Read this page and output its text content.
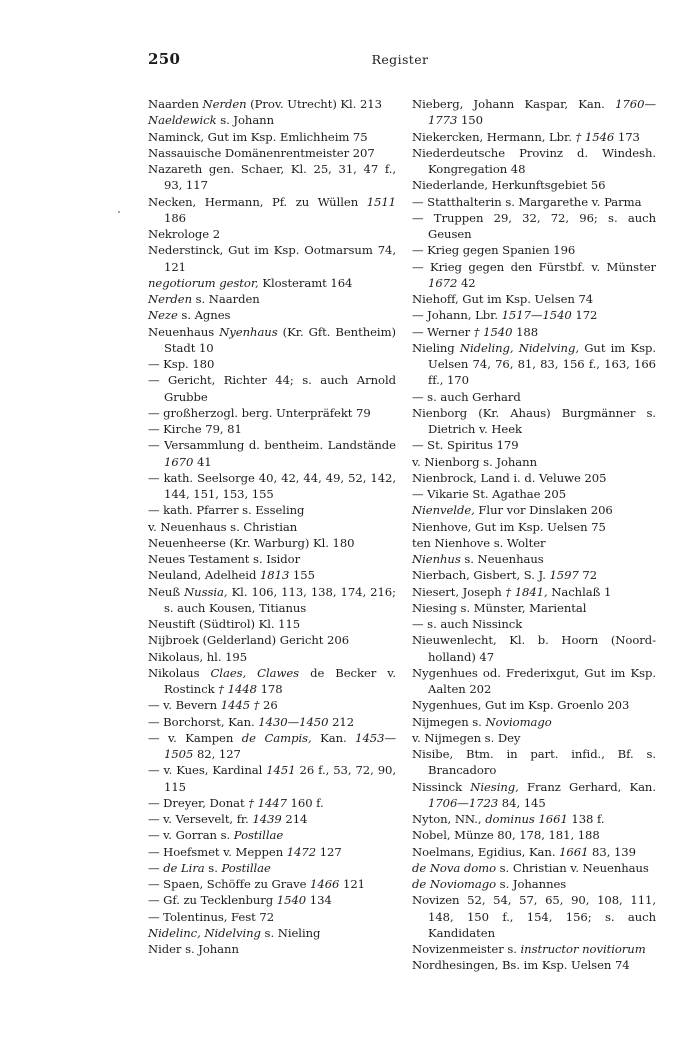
250	Register

Naarden Nerden (Prov. Utrecht) Kl. 213

Naeldewick s. Johann

Naminck, Gut im Ksp. Emlichheim 75

Nassauische Domänenrentmeister 207

Nazareth gen. Schaer, Kl. 25, 31, 47 f., 93, 117

Necken, Hermann, Pf. zu Wüllen 1511 186

Nekrologe 2

Nederstinck, Gut im Ksp. Ootmarsum 74, 121

negotiorum gestor, Klosteramt 164

Nerden s. Naarden

Neze s. Agnes

Neuenhaus Nyenhaus (Kr. Gft. Bentheim) Stadt 10

— Ksp. 180

— Gericht, Richter 44; s. auch Arnold Grubbe

— großherzogl. berg. Unterpräfekt 79

— Kirche 79, 81

— Versammlung d. bentheim. Landstände 1670 41

— kath. Seelsorge 40, 42, 44, 49, 52, 142, 144, 151, 153, 155

— kath. Pfarrer s. Esseling

v. Neuenhaus s. Christian

Neuenheerse (Kr. Warburg) Kl. 180

Neues Testament s. Isidor

Neuland, Adelheid 1813 155

Neuß Nussia, Kl. 106, 113, 138, 174, 216; s. auch Kousen, Titianus

Neustift (Südtirol) Kl. 115

Nijbroek (Gelderland) Gericht 206

Nikolaus, hl. 195

Nikolaus Claes, Clawes de Becker v. Rostinck † 1448 178

— v. Bevern 1445 † 26

— Borchorst, Kan. 1430—1450 212

— v. Kampen de Campis, Kan. 1453—1505 82, 127

— v. Kues, Kardinal 1451 26 f., 53, 72, 90, 115

— Dreyer, Donat † 1447 160 f.

— v. Versevelt, fr. 1439 214

— v. Gorran s. Postillae

— Hoefsmet v. Meppen 1472 127

— de Lira s. Postillae

— Spaen, Schöffe zu Grave 1466 121

— Gf. zu Tecklenburg 1540 134

— Tolentinus, Fest 72

Nidelinc, Nidelving s. Nieling

Nider s. Johann

Nieberg, Johann Kaspar, Kan. 1760—1773 150

Niekercken, Hermann, Lbr. † 1546 173

Niederdeutsche Provinz d. Windesh. Kongregation 48

Niederlande, Herkunftsgebiet 56

— Statthalterin s. Margarethe v. Parma

— Truppen 29, 32, 72, 96; s. auch Geusen

— Krieg gegen Spanien 196

— Krieg gegen den Fürstbf. v. Münster 1672 42

Niehoff, Gut im Ksp. Uelsen 74

— Johann, Lbr. 1517—1540 172

— Werner † 1540 188

Nieling Nideling, Nidelving, Gut im Ksp. Uelsen 74, 76, 81, 83, 156 f., 163, 166 ff., 170

— s. auch Gerhard

Nienborg (Kr. Ahaus) Burgmänner s. Dietrich v. Heek

— St. Spiritus 179

v. Nienborg s. Johann

Nienbrock, Land i. d. Veluwe 205

— Vikarie St. Agathae 205

Nienvelde, Flur vor Dinslaken 206

Nienhove, Gut im Ksp. Uelsen 75

ten Nienhove s. Wolter

Nienhus s. Neuenhaus

Nierbach, Gisbert, S. J. 1597 72

Niesert, Joseph † 1841, Nachlaß 1

Niesing s. Münster, Mariental

— s. auch Nissinck

Nieuwenlecht, Kl. b. Hoorn (Noord-holland) 47

Nygenhues od. Frederixgut, Gut im Ksp. Aalten 202

Nygenhues, Gut im Ksp. Groenlo 203

Nijmegen s. Noviomago

v. Nijmegen s. Dey

Nisibe, Btm. in part. infid., Bf. s. Brancadoro

Nissinck Niesing, Franz Gerhard, Kan. 1706—1723 84, 145

Nyton, NN., dominus 1661 138 f.

Nobel, Münze 80, 178, 181, 188

Noelmans, Egidius, Kan. 1661 83, 139

de Nova domo s. Christian v. Neuenhaus

de Noviomago s. Johannes

Novizen 52, 54, 57, 65, 90, 108, 111, 148, 150 f., 154, 156; s. auch Kandidaten

Novizenmeister s. instructor novitiorum

Nordhesingen, Bs. im Ksp. Uelsen 74
